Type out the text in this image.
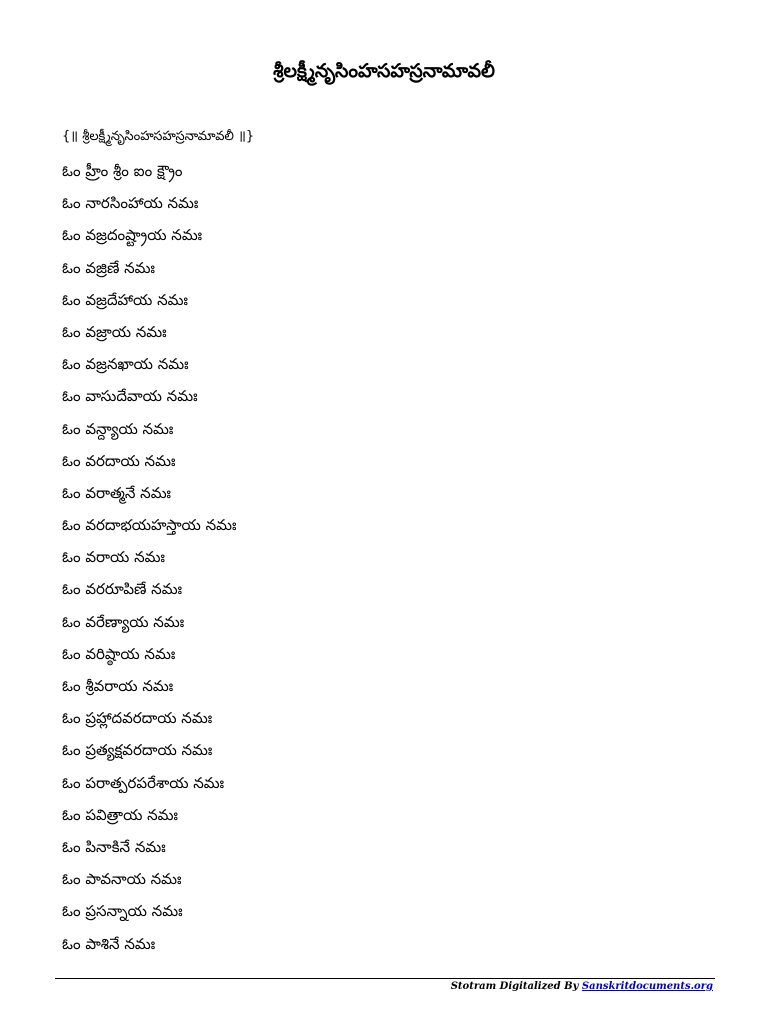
శ్రీలక్ష్మీనృసింహసహస్రనామావలీ
{॥ శ్రీలక్ష్మీనృసింహసహస్రనామావలీ ॥}
ఓం హ్రీం శ్రీం ఐం క్ష్రౌం
ఓం నారసింహాయ నమః
ఓం వజ్రదంష్ట్రాయ నమః
ఓం వజ్రిణే నమః
ఓం వజ్రదేహాయ నమః
ఓం వజ్రాయ నమః
ఓం వజ్రనఖాయ నమః
ఓం వాసుదేవాయ నమః
ఓం వన్ద్యాయ నమః
ఓం వరదాయ నమః
ఓం వరాత్మనే నమః
ఓం వరదాభయహస్తాయ నమః
ఓం వరాయ నమః
ఓం వరరూపిణే నమః
ఓం వరేణ్యాయ నమః
ఓం వరిష్ఠాయ నమః
ఓం శ్రీవరాయ నమః
ఓం ప్రహ్లాదవరదాయ నమః
ఓం ప్రత్యక్షవరదాయ నమః
ఓం పరాత్పరపరేశాయ నమః
ఓం పవిత్రాయ నమః
ఓం పినాకినే నమః
ఓం పావనాయ నమః
ఓం ప్రసన్నాయ నమః
ఓం పాశినే నమః
Stotram Digitalized By Sanskritdocuments.org
